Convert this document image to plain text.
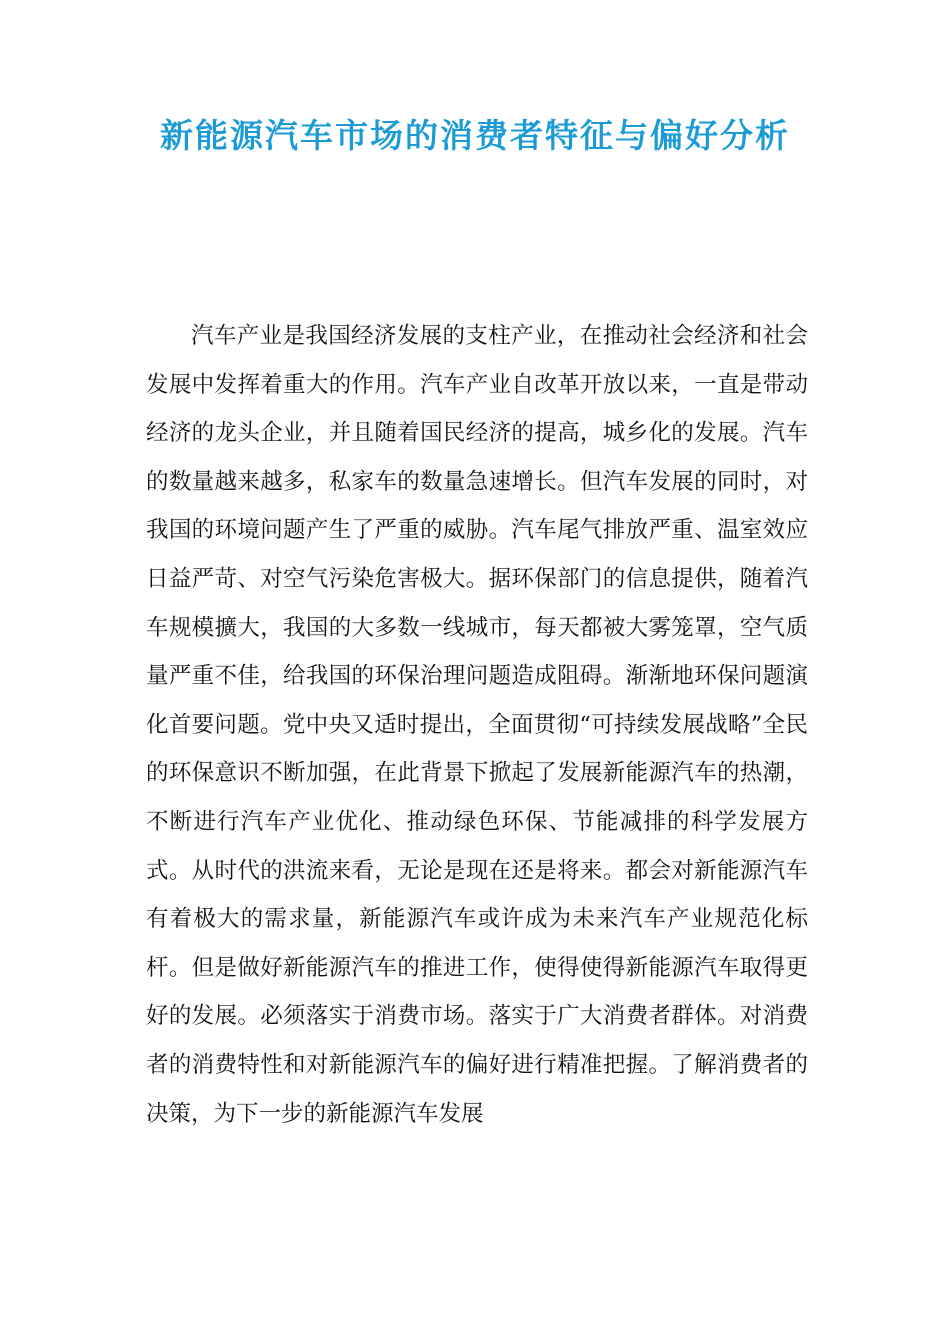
新能源汽车市场的消费者特征与偏好分析

汽车产业是我国经济发展的支柱产业，在推动社会经济和社会发展中发挥着重大的作用。汽车产业自改革开放以来，一直是带动经济的龙头企业，并且随着国民经济的提高，城乡化的发展。汽车的数量越来越多，私家车的数量急速增长。但汽车发展的同时，对我国的环境问题产生了严重的威胁。汽车尾气排放严重、温室效应日益严苛、对空气污染危害极大。据环保部门的信息提供，随着汽车规模擴大，我国的大多数一线城市，每天都被大雾笼罩，空气质量严重不佳，给我国的环保治理问题造成阻碍。渐渐地环保问题演化首要问题。党中央又适时提出，全面贯彻“可持续发展战略”全民的环保意识不断加强，在此背景下掀起了发展新能源汽车的热潮，不断进行汽车产业优化、推动绿色环保、节能减排的科学发展方式。从时代的洪流来看，无论是现在还是将来。都会对新能源汽车有着极大的需求量，新能源汽车或许成为未来汽车产业规范化标杆。但是做好新能源汽车的推进工作，使得使得新能源汽车取得更好的发展。必须落实于消费市场。落实于广大消费者群体。对消费者的消费特性和对新能源汽车的偏好进行精准把握。了解消费者的决策，为下一步的新能源汽车发展
